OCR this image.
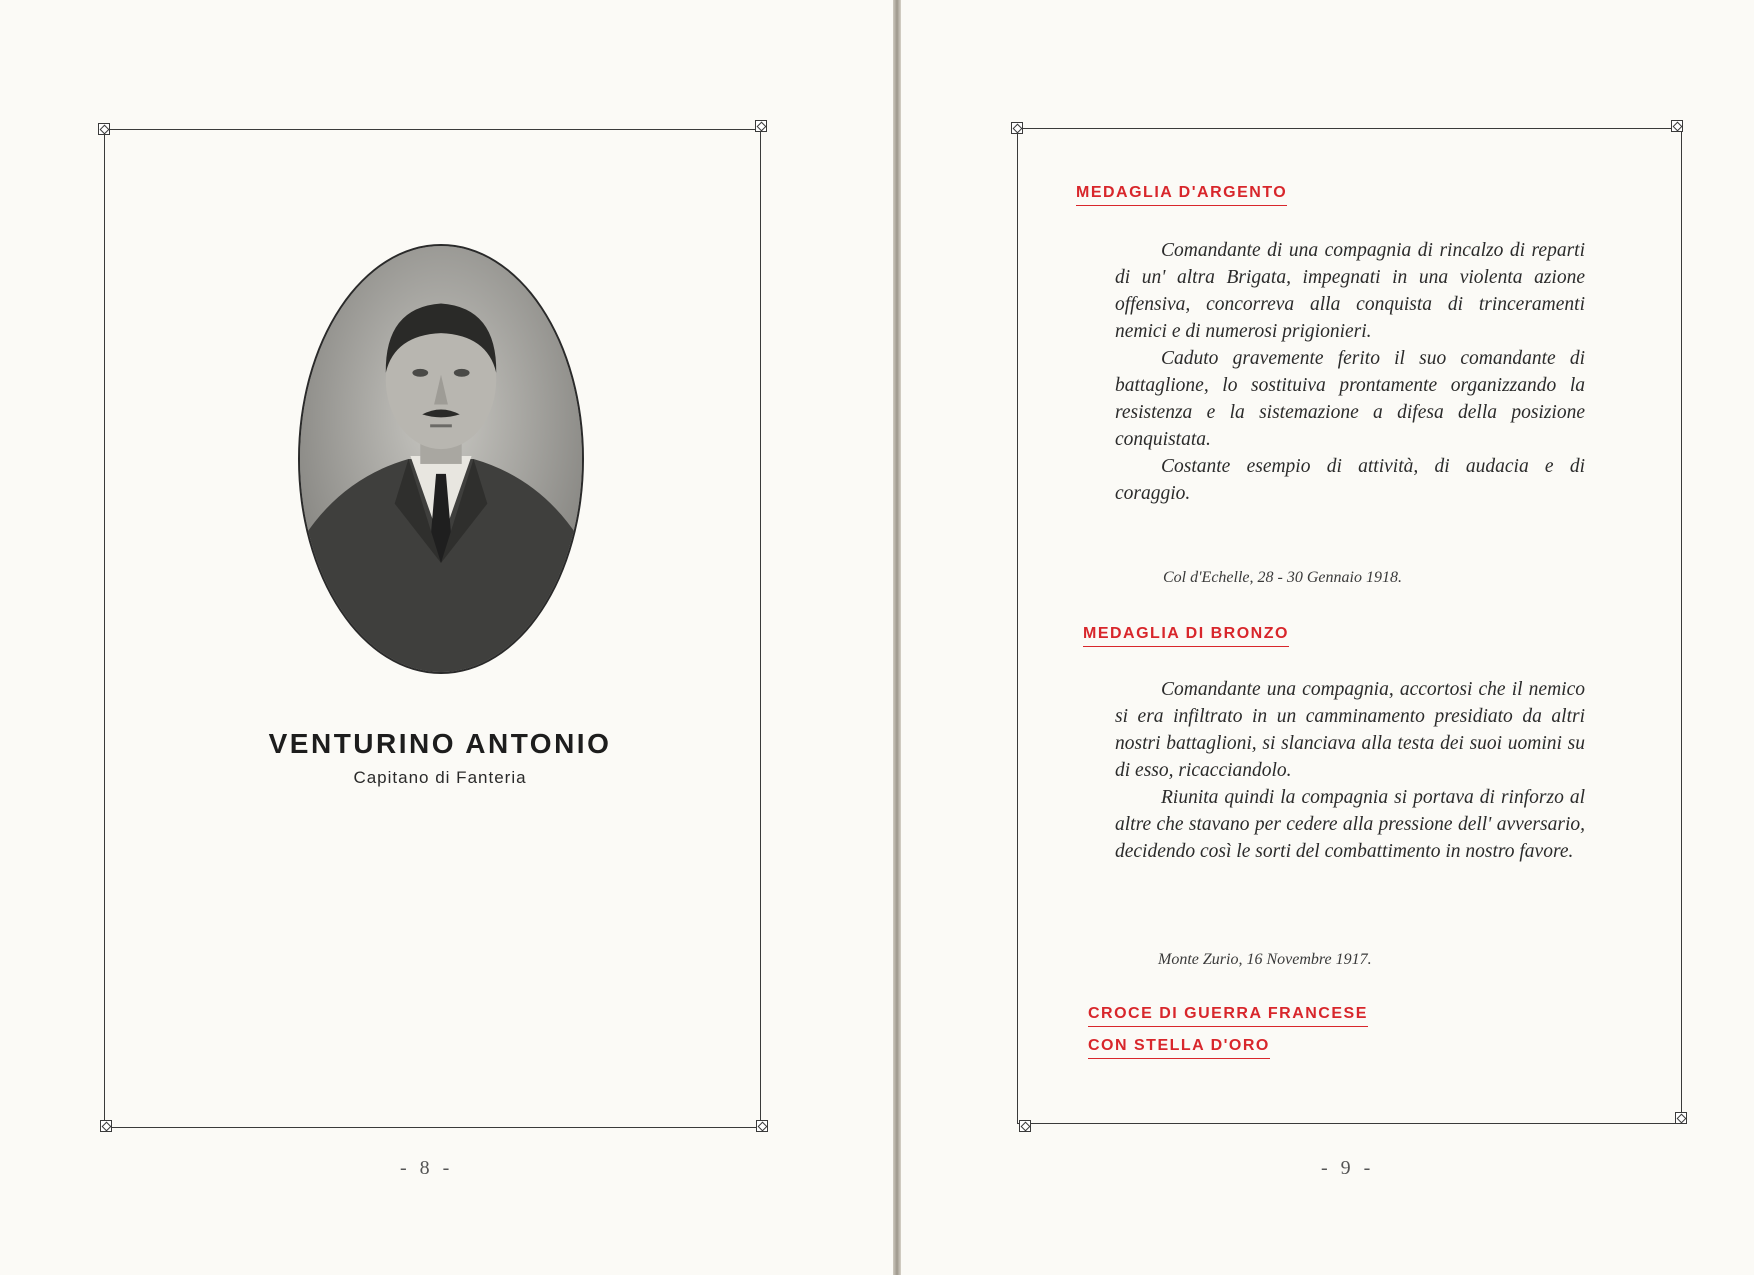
VENTURINO ANTONIO
Capitano di Fanteria
- 8 -
MEDAGLIA D'ARGENTO

Comandante di una compagnia di rincalzo di reparti di un' altra Brigata, impegnati in una violenta azione offensiva, concorreva alla conquista di trinceramenti nemici e di numerosi prigionieri.

Caduto gravemente ferito il suo comandante di battaglione, lo sostituiva prontamente organizzando la resistenza e la sistemazione a difesa della posizione conquistata.

Costante esempio di attività, di audacia e di coraggio.

Col d'Echelle, 28 - 30 Gennaio 1918.
MEDAGLIA DI BRONZO

Comandante una compagnia, accortosi che il nemico si era infiltrato in un camminamento presidiato da altri nostri battaglioni, si slanciava alla testa dei suoi uomini su di esso, ricacciandolo.

Riunita quindi la compagnia si portava di rinforzo al altre che stavano per cedere alla pressione dell' avversario, decidendo così le sorti del combattimento in nostro favore.

Monte Zurio, 16 Novembre 1917.
CROCE DI GUERRA FRANCESE
CON STELLA D'ORO
- 9 -
